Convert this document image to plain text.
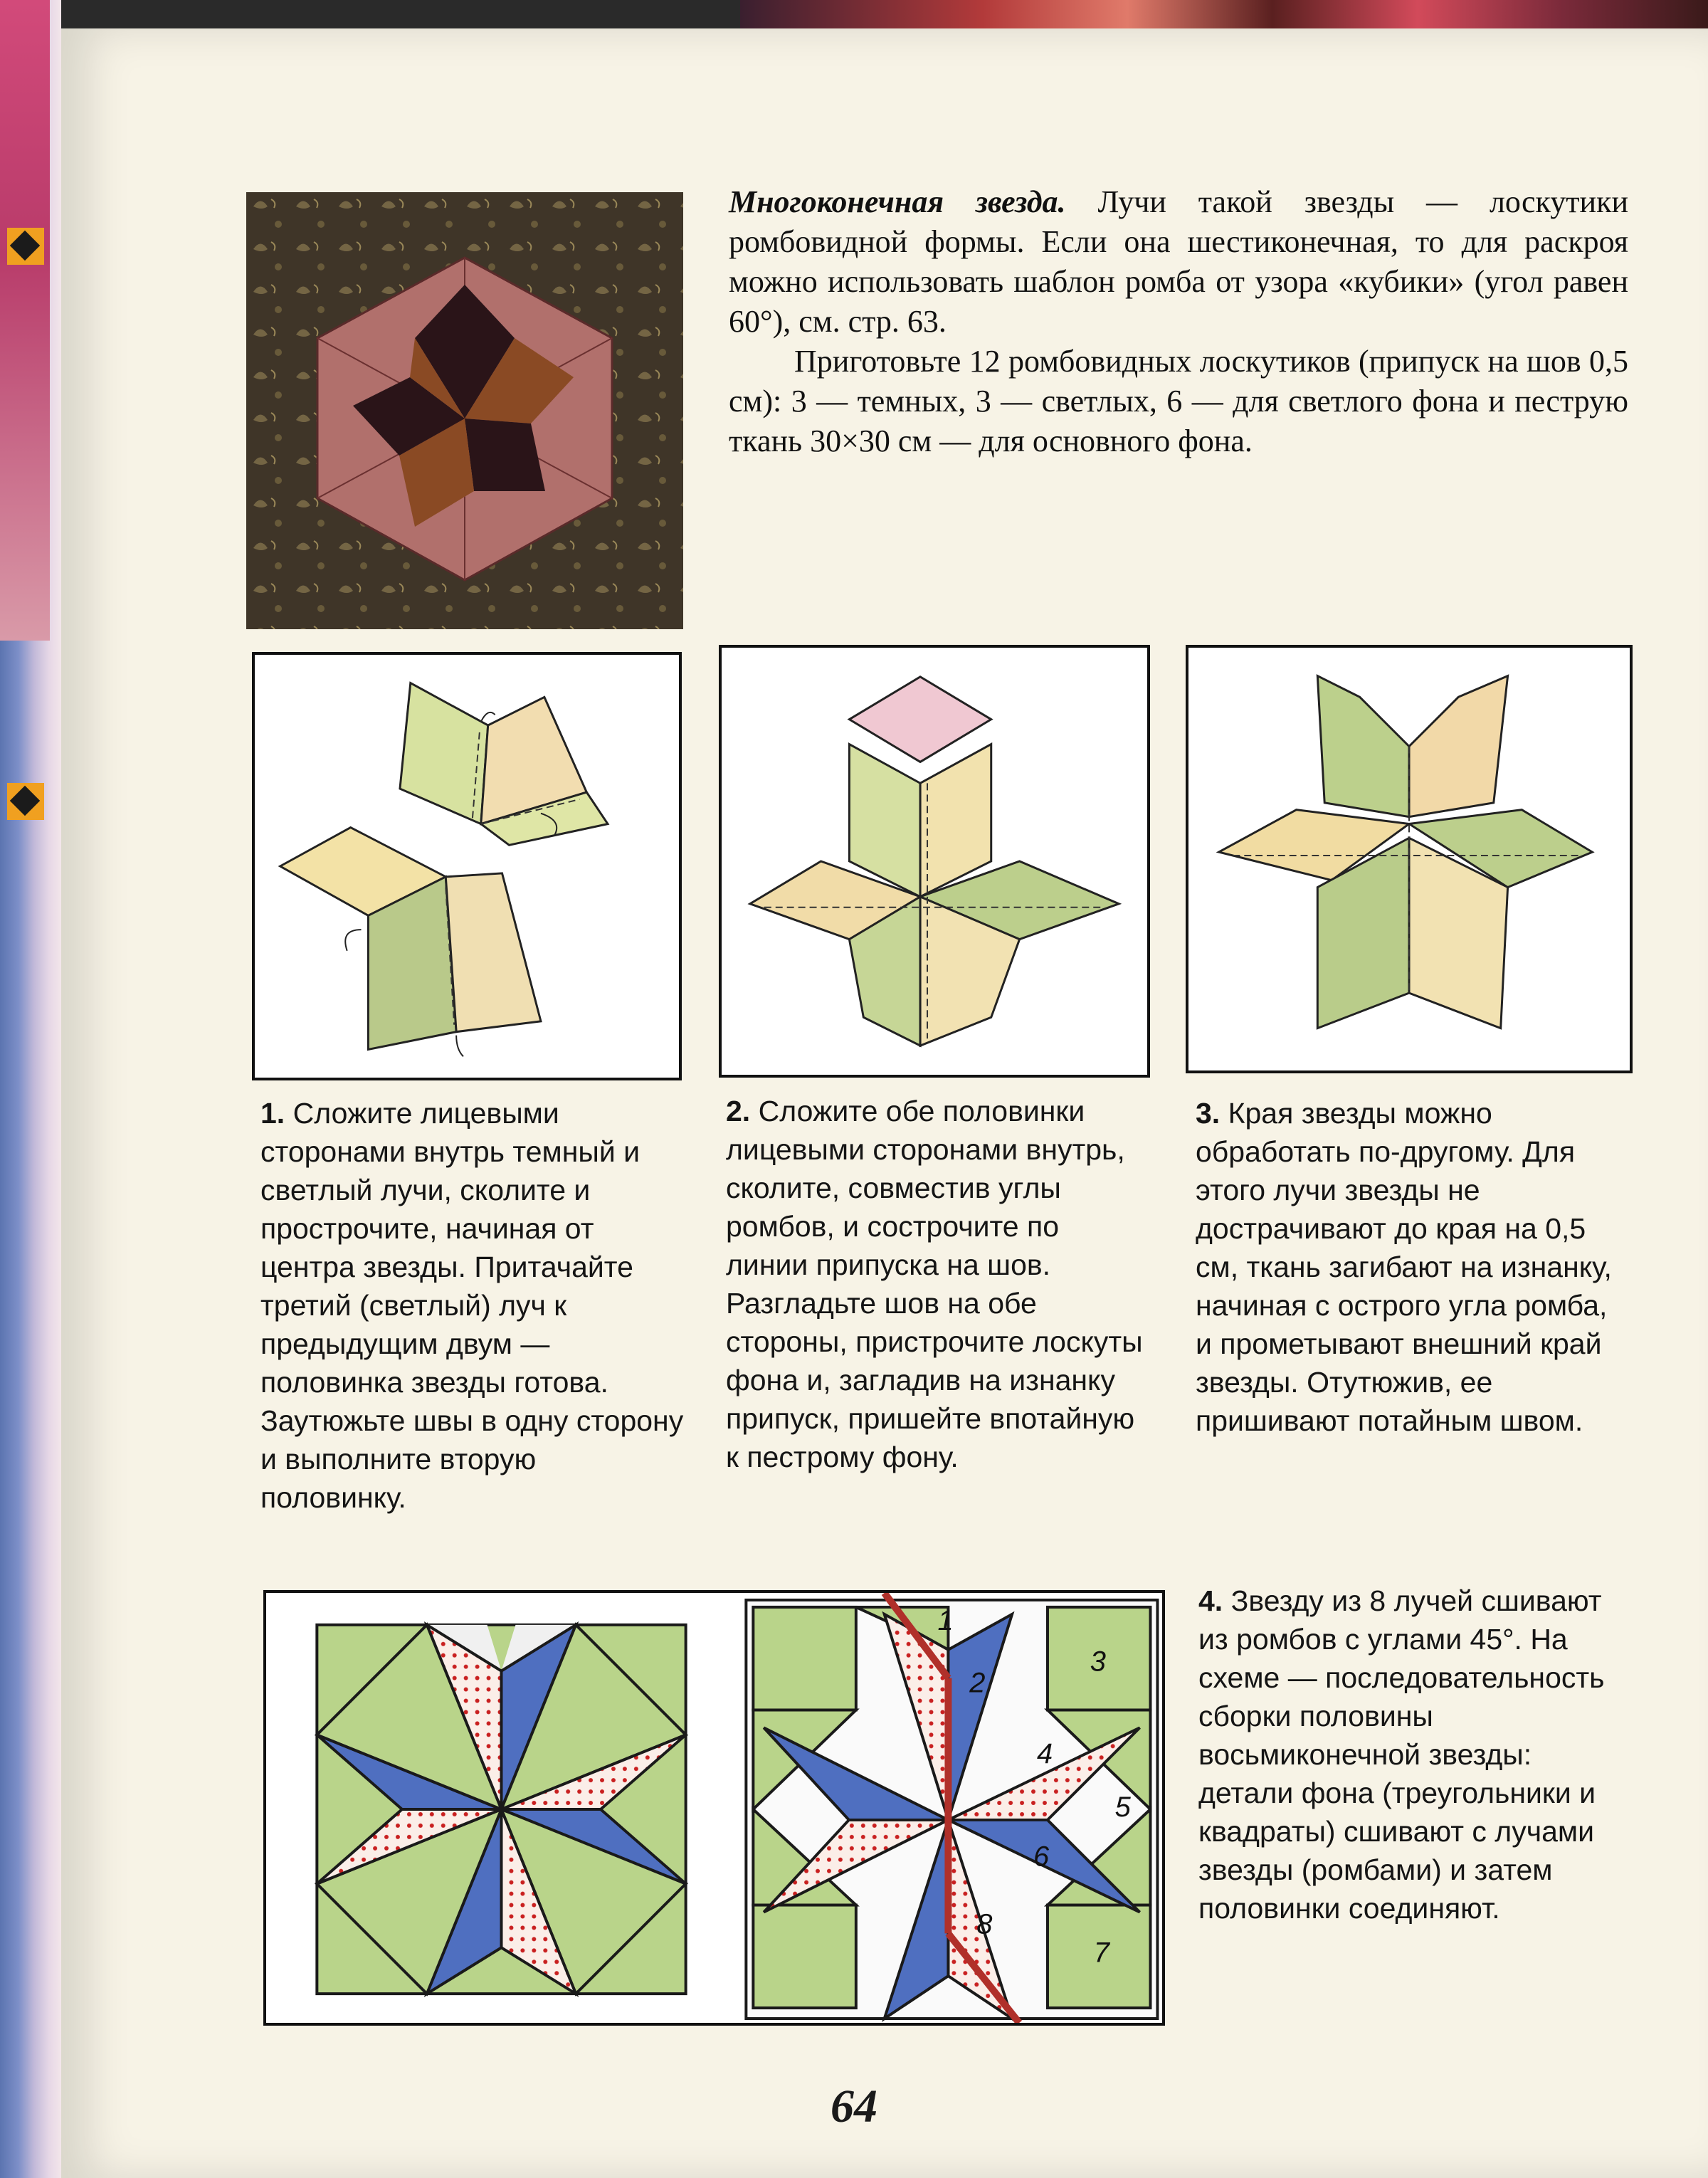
Многоконечная звезда. Лучи такой звезды — лоскутики ромбовидной формы. Если она шестиконечная, то для раскроя можно использовать шаблон ромба от узора «кубики» (угол равен 60°), см. стр. 63.

Приготовьте 12 ромбовидных лоскутиков (припуск на шов 0,5 см): 3 — темных, 3 — светлых, 6 — для светлого фона и пеструю ткань 30×30 см — для основного фона.

1. Сложите лицевыми сторонами внутрь темный и светлый лучи, сколите и прострочите, начиная от центра звезды. Притачайте третий (светлый) луч к предыдущим двум — половинка звезды готова. Заутюжьте швы в одну сторону и выполните вторую половинку.
2. Сложите обе половинки лицевыми сторонами внутрь, сколите, совместив углы ромбов, и сострочите по линии припуска на шов. Разгладьте шов на обе стороны, пристрочите лоскуты фона и, загладив на изнанку припуск, пришейте впотайную к пестрому фону.
3. Края звезды можно обработать по-другому. Для этого лучи звезды не дострачивают до края на 0,5 см, ткань загибают на изнанку, начиная с острого угла ромба, и прометывают внешний край звезды. Отутюжив, ее пришивают потайным швом.
4. Звезду из 8 лучей сшивают из ромбов с углами 45°. На схеме — последовательность сборки половины восьмиконечной звезды: детали фона (треугольники и квадраты) сшивают с лучами звезды (ромбами) и затем половинки соединяют.
1
2
3
4
5
6
7
8
64
